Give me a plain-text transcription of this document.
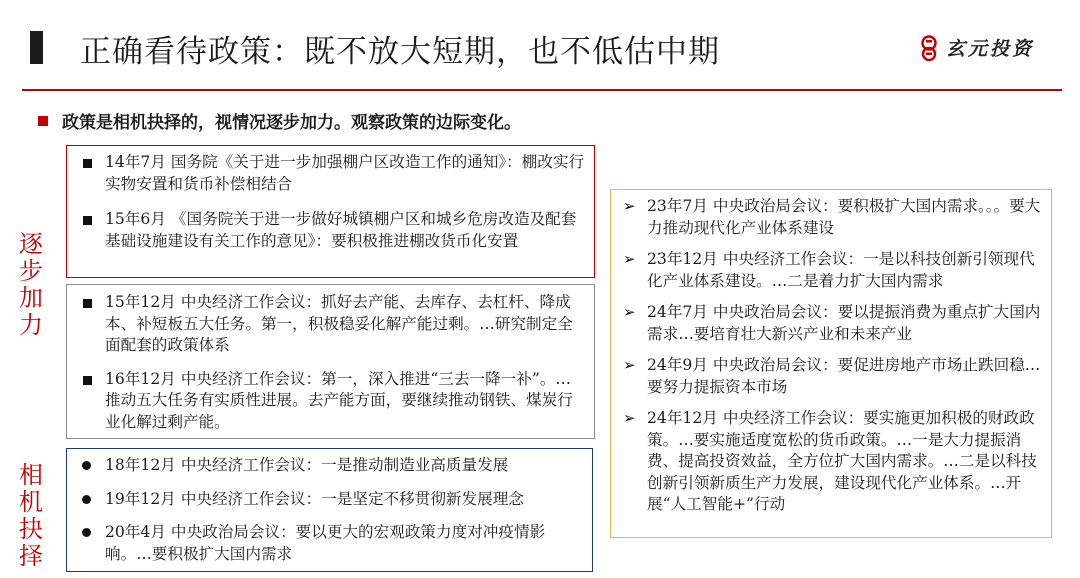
正确看待政策：既不放大短期，也不低估中期	玄元投资
政策是相机抉择的，视情况逐步加力。观察政策的边际变化。
逐步加力
相机抉择
14年7月 国务院《关于进一步加强棚户区改造工作的通知》：棚改实行实物安置和货币补偿相结合
15年6月 《国务院关于进一步做好城镇棚户区和城乡危房改造及配套基础设施建设有关工作的意见》：要积极推进棚改货币化安置
15年12月 中央经济工作会议：抓好去产能、去库存、去杠杆、降成本、补短板五大任务。第一，积极稳妥化解产能过剩。…研究制定全面配套的政策体系
16年12月 中央经济工作会议：第一，深入推进“三去一降一补”。…推动五大任务有实质性进展。去产能方面，要继续推动钢铁、煤炭行业化解过剩产能。
18年12月 中央经济工作会议：一是推动制造业高质量发展
19年12月 中央经济工作会议：一是坚定不移贯彻新发展理念
20年4月 中央政治局会议：要以更大的宏观政策力度对冲疫情影响。…要积极扩大国内需求
➢ 23年7月 中央政治局会议：要积极扩大国内需求。。。要大力推动现代化产业体系建设
➢ 23年12月 中央经济工作会议：一是以科技创新引领现代化产业体系建设。…二是着力扩大国内需求
➢ 24年7月 中央政治局会议：要以提振消费为重点扩大国内需求…要培育壮大新兴产业和未来产业
➢ 24年9月 中央政治局会议：要促进房地产市场止跌回稳…要努力提振资本市场
➢ 24年12月 中央经济工作会议：要实施更加积极的财政政策。…要实施适度宽松的货币政策。…一是大力提振消费、提高投资效益，全方位扩大国内需求。…二是以科技创新引领新质生产力发展，建设现代化产业体系。…开展“人工智能+”行动
